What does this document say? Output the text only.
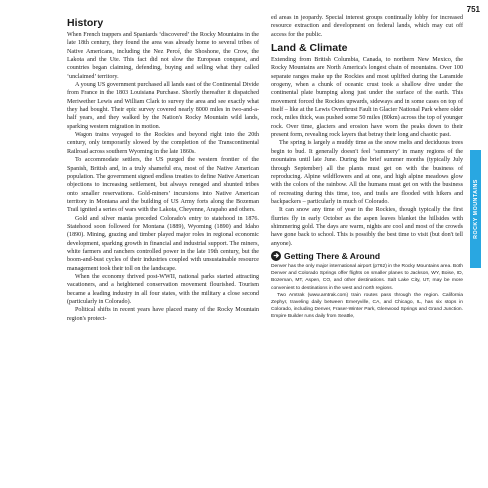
751
History

When French trappers and Spaniards ‘discovered’ the Rocky Mountains in the late 18th century, they found the area was already home to several tribes of Native Americans, including the Nez Percé, the Shoshone, the Crow, the Lakota and the Ute. This fact did not slow the European conquest, and countries began claiming, defending, buying and selling what they called ‘unclaimed’ territory.

A young US government purchased all lands east of the Continental Divide from France in the 1803 Louisiana Purchase. Shortly thereafter it dispatched Meriwether Lewis and William Clark to survey the area and see exactly what they had bought. Their epic survey covered nearly 8000 miles in two-and-a-half years, and they walked by the Nation's Rocky Mountain wild lands, sparking western migration in motion.

Wagon trains voyaged to the Rockies and beyond right into the 20th century, only temporarily slowed by the completion of the Transcontinental Railroad across southern Wyoming in the late 1860s.

To accommodate settlers, the US purged the western frontier of the Spanish, British and, in a truly shameful era, most of the Native American population. The government signed endless treaties to define Native American objections to increasing settlement, but always reneged and shunted tribes onto smaller reservations. Gold-miners’ incursions into Native American territory in Montana and the building of US Army forts along the Bozeman Trail ignited a series of wars with the Lakota, Cheyenne, Arapaho and others.

Gold and silver mania preceded Colorado's entry to statehood in 1876. Statehood soon followed for Montana (1889), Wyoming (1890) and Idaho (1890). Mining, grazing and timber played major roles in regional economic development, sparking growth in financial and industrial support. The miners, white farmers and ranchers controlled power in the late 19th century, but the boom-and-bust cycles of their industries coupled with unsustainable resource management took their toll on the landscape.

When the economy thrived post-WWII, national parks started attracting vacationers, and a heightened conservation movement flourished. Tourism became a leading industry in all four states, with the military a close second (particularly in Colorado).

Political shifts in recent years have placed many of the Rocky Mountain region's protect-

ed areas in jeopardy. Special interest groups continually lobby for increased resource extraction and development on federal lands, which may cut off access for the public.

Land & Climate

Extending from British Columbia, Canada, to northern New Mexico, the Rocky Mountains are North America's longest chain of mountains. Over 100 separate ranges make up the Rockies and most uplifted during the Laramide orogeny, when a chunk of oceanic crust took a shallow dive under the continental plate bumping along just under the surface of the earth. This movement forced the Rockies upwards, sideways and in some cases on top of itself – like at the Lewis Overthrust Fault in Glacier National Park where older rock, miles thick, was pushed some 50 miles (80km) across the top of younger rock. Over time, glaciers and erosion have worn the peaks down to their present form, revealing rock layers that betray their long and chaotic past.

The spring is largely a muddy time as the snow melts and deciduous trees begin to bud. It generally doesn't feel ‘summery’ in many regions of the mountains until late June. During the brief summer months (typically July through September) all the plants must get on with the business of reproducing. Alpine wildflowers and at one, and high alpine meadows glow with the colors of the rainbow. All the humans must get on with the business of recreating during this time, too, and trails are flooded with hikers and backpackers – particularly in much of Colorado.

It can snow any time of year in the Rockies, though typically the first flurries fly in early October as the aspen leaves blanket the hillsides with shimmering gold. The days are warm, nights are cool and most of the crowds have gone back to school. This is possibly the best time to visit (but don't tell anyone).

Getting There & Around

Denver has the only major international airport (p762) in the Rocky Mountains area. Both Denver and Colorado Springs offer flights on smaller planes to Jackson, WY, Boise, ID, Bozeman, MT, Aspen, CO, and other destinations. Salt Lake City, UT, may be more convenient to destinations in the west and north regions.

Two Amtrak (www.amtrak.com) train routes pass through the region. California Zephyr, traveling daily between Emeryville, CA, and Chicago, IL, has six stops in Colorado, including Denver, Fraser-Winter Park, Glenwood Springs and Grand Junction. Empire Builder runs daily from Seattle,

ROCKY MOUNTAINS
